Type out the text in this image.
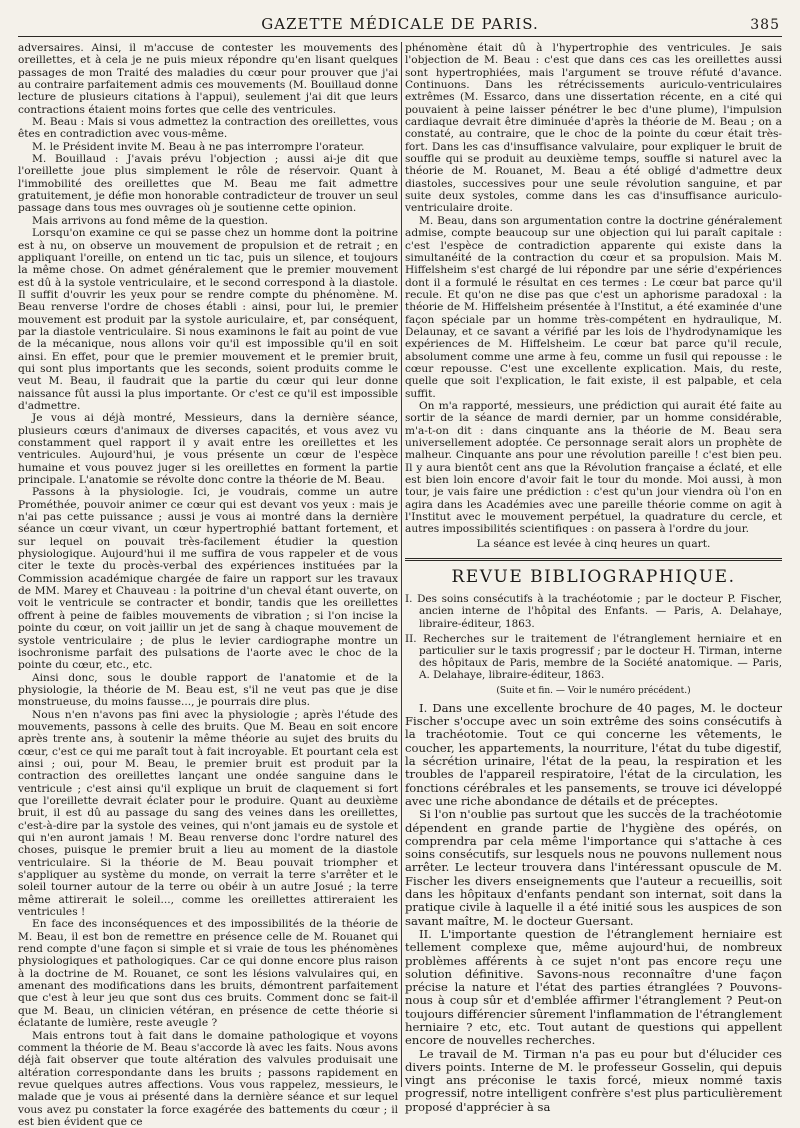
GAZETTE MÉDICALE DE PARIS.	385

adversaires. Ainsi, il m'accuse de contester les mouvements des oreillettes, et à cela je ne puis mieux répondre qu'en lisant quelques passages de mon Traité des maladies du cœur pour prouver que j'ai au contraire parfaitement admis ces mouvements (M. Bouillaud donne lecture de plusieurs citations à l'appui), seulement j'ai dit que leurs contractions étaient moins fortes que celle des ventricules.

M. Beau : Mais si vous admettez la contraction des oreillettes, vous êtes en contradiction avec vous-même.

M. le Président invite M. Beau à ne pas interrompre l'orateur.

M. Bouillaud : J'avais prévu l'objection ; aussi ai-je dit que l'oreillette joue plus simplement le rôle de réservoir. Quant à l'immobilité des oreillettes que M. Beau me fait admettre gratuitement, je défie mon honorable contradicteur de trouver un seul passage dans tous mes ouvrages où je soutienne cette opinion.

Mais arrivons au fond même de la question.

Lorsqu'on examine ce qui se passe chez un homme dont la poitrine est à nu, on observe un mouvement de propulsion et de retrait ; en appliquant l'oreille, on entend un tic tac, puis un silence, et toujours la même chose. On admet généralement que le premier mouvement est dû à la systole ventriculaire, et le second correspond à la diastole. Il suffit d'ouvrir les yeux pour se rendre compte du phénomène. M. Beau renverse l'ordre de choses établi : ainsi, pour lui, le premier mouvement est produit par la systole auriculaire, et, par conséquent, par la diastole ventriculaire. Si nous examinons le fait au point de vue de la mécanique, nous allons voir qu'il est impossible qu'il en soit ainsi. En effet, pour que le premier mouvement et le premier bruit, qui sont plus importants que les seconds, soient produits comme le veut M. Beau, il faudrait que la partie du cœur qui leur donne naissance fût aussi la plus importante. Or c'est ce qu'il est impossible d'admettre.

Je vous ai déjà montré, Messieurs, dans la dernière séance, plusieurs cœurs d'animaux de diverses capacités, et vous avez vu constamment quel rapport il y avait entre les oreillettes et les ventricules. Aujourd'hui, je vous présente un cœur de l'espèce humaine et vous pouvez juger si les oreillettes en forment la partie principale. L'anatomie se révolte donc contre la théorie de M. Beau.

Passons à la physiologie. Ici, je voudrais, comme un autre Prométhée, pouvoir animer ce cœur qui est devant vos yeux : mais je n'ai pas cette puissance ; aussi je vous ai montré dans la dernière séance un cœur vivant, un cœur hypertrophié battant fortement, et sur lequel on pouvait très-facilement étudier la question physiologique. Aujourd'hui il me suffira de vous rappeler et de vous citer le texte du procès-verbal des expériences instituées par la Commission académique chargée de faire un rapport sur les travaux de MM. Marey et Chauveau : la poitrine d'un cheval étant ouverte, on voit le ventricule se contracter et bondir, tandis que les oreillettes offrent à peine de faibles mouvements de vibration ; si l'on incise la pointe du cœur, on voit jaillir un jet de sang à chaque mouvement de systole ventriculaire ; de plus le levier cardiographe montre un isochronisme parfait des pulsations de l'aorte avec le choc de la pointe du cœur, etc., etc.

Ainsi donc, sous le double rapport de l'anatomie et de la physiologie, la théorie de M. Beau est, s'il ne veut pas que je dise monstrueuse, du moins fausse..., je pourrais dire plus.

Nous n'en n'avons pas fini avec la physiologie ; après l'étude des mouvements, passons à celle des bruits. Que M. Beau en soit encore après trente ans, à soutenir la même théorie au sujet des bruits du cœur, c'est ce qui me paraît tout à fait incroyable. Et pourtant cela est ainsi ; oui, pour M. Beau, le premier bruit est produit par la contraction des oreillettes lançant une ondée sanguine dans le ventricule ; c'est ainsi qu'il explique un bruit de claquement si fort que l'oreillette devrait éclater pour le produire. Quant au deuxième bruit, il est dû au passage du sang des veines dans les oreillettes, c'est-à-dire par la systole des veines, qui n'ont jamais eu de systole et qui n'en auront jamais ! M. Beau renverse donc l'ordre naturel des choses, puisque le premier bruit a lieu au moment de la diastole ventriculaire. Si la théorie de M. Beau pouvait triompher et s'appliquer au système du monde, on verrait la terre s'arrêter et le soleil tourner autour de la terre ou obéir à un autre Josué ; la terre même attirerait le soleil..., comme les oreillettes attireraient les ventricules !

En face des inconséquences et des impossibilités de la théorie de M. Beau, il est bon de remettre en présence celle de M. Rouanet qui rend compte d'une façon si simple et si vraie de tous les phénomènes physiologiques et pathologiques. Car ce qui donne encore plus raison à la doctrine de M. Rouanet, ce sont les lésions valvulaires qui, en amenant des modifications dans les bruits, démontrent parfaitement que c'est à leur jeu que sont dus ces bruits. Comment donc se fait-il que M. Beau, un clinicien vétéran, en présence de cette théorie si éclatante de lumière, reste aveugle ?

Mais entrons tout à fait dans le domaine pathologique et voyons comment la théorie de M. Beau s'accorde là avec les faits. Nous avons déjà fait observer que toute altération des valvules produisait une altération correspondante dans les bruits ; passons rapidement en revue quelques autres affections. Vous vous rappelez, messieurs, le malade que je vous ai présenté dans la dernière séance et sur lequel vous avez pu constater la force exagérée des battements du cœur ; il est bien évident que ce

phénomène était dû à l'hypertrophie des ventricules. Je sais l'objection de M. Beau : c'est que dans ces cas les oreillettes aussi sont hypertrophiées, mais l'argument se trouve réfuté d'avance. Continuons. Dans les rétrécissements auriculo-ventriculaires extrêmes (M. Essarco, dans une dissertation récente, en a cité qui pouvaient à peine laisser pénétrer le bec d'une plume), l'impulsion cardiaque devrait être diminuée d'après la théorie de M. Beau ; on a constaté, au contraire, que le choc de la pointe du cœur était très-fort. Dans les cas d'insuffisance valvulaire, pour expliquer le bruit de souffle qui se produit au deuxième temps, souffle si naturel avec la théorie de M. Rouanet, M. Beau a été obligé d'admettre deux diastoles, successives pour une seule révolution sanguine, et par suite deux systoles, comme dans les cas d'insuffisance auriculo-ventriculaire droite.

M. Beau, dans son argumentation contre la doctrine généralement admise, compte beaucoup sur une objection qui lui paraît capitale : c'est l'espèce de contradiction apparente qui existe dans la simultanéité de la contraction du cœur et sa propulsion. Mais M. Hiffelsheim s'est chargé de lui répondre par une série d'expériences dont il a formulé le résultat en ces termes : Le cœur bat parce qu'il recule. Et qu'on ne dise pas que c'est un aphorisme paradoxal : la théorie de M. Hiffelsheim présentée à l'Institut, a été examinée d'une façon spéciale par un homme très-compétent en hydraulique, M. Delaunay, et ce savant a vérifié par les lois de l'hydrodynamique les expériences de M. Hiffelsheim. Le cœur bat parce qu'il recule, absolument comme une arme à feu, comme un fusil qui repousse : le cœur repousse. C'est une excellente explication. Mais, du reste, quelle que soit l'explication, le fait existe, il est palpable, et cela suffit.

On m'a rapporté, messieurs, une prédiction qui aurait été faite au sortir de la séance de mardi dernier, par un homme considérable, m'a-t-on dit : dans cinquante ans la théorie de M. Beau sera universellement adoptée. Ce personnage serait alors un prophète de malheur. Cinquante ans pour une révolution pareille ! c'est bien peu. Il y aura bientôt cent ans que la Révolution française a éclaté, et elle est bien loin encore d'avoir fait le tour du monde. Moi aussi, à mon tour, je vais faire une prédiction : c'est qu'un jour viendra où l'on en agira dans les Académies avec une pareille théorie comme on agit à l'Institut avec le mouvement perpétuel, la quadrature du cercle, et autres impossibilités scientifiques : on passera à l'ordre du jour.

La séance est levée à cinq heures un quart.

REVUE BIBLIOGRAPHIQUE.

I. Des soins consécutifs à la trachéotomie ; par le docteur P. Fischer, ancien interne de l'hôpital des Enfants. — Paris, A. Delahaye, libraire-éditeur, 1863.

II. Recherches sur le traitement de l'étranglement herniaire et en particulier sur le taxis progressif ; par le docteur H. Tirman, interne des hôpitaux de Paris, membre de la Société anatomique. — Paris, A. Delahaye, libraire-éditeur, 1863.

(Suite et fin. — Voir le numéro précédent.)

I. Dans une excellente brochure de 40 pages, M. le docteur Fischer s'occupe avec un soin extrême des soins consécutifs à la trachéotomie. Tout ce qui concerne les vêtements, le coucher, les appartements, la nourriture, l'état du tube digestif, la sécrétion urinaire, l'état de la peau, la respiration et les troubles de l'appareil respiratoire, l'état de la circulation, les fonctions cérébrales et les pansements, se trouve ici développé avec une riche abondance de détails et de préceptes.

Si l'on n'oublie pas surtout que les succès de la trachéotomie dépendent en grande partie de l'hygiène des opérés, on comprendra par cela même l'importance qui s'attache à ces soins consécutifs, sur lesquels nous ne pouvons nullement nous arrêter. Le lecteur trouvera dans l'intéressant opuscule de M. Fischer les divers enseignements que l'auteur a recueillis, soit dans les hôpitaux d'enfants pendant son internat, soit dans la pratique civile à laquelle il a été initié sous les auspices de son savant maître, M. le docteur Guersant.

II. L'importante question de l'étranglement herniaire est tellement complexe que, même aujourd'hui, de nombreux problèmes afférents à ce sujet n'ont pas encore reçu une solution définitive. Savons-nous reconnaître d'une façon précise la nature et l'état des parties étranglées ? Pouvons-nous à coup sûr et d'emblée affirmer l'étranglement ? Peut-on toujours différencier sûrement l'inflammation de l'étranglement herniaire ? etc, etc. Tout autant de questions qui appellent encore de nouvelles recherches.

Le travail de M. Tirman n'a pas eu pour but d'élucider ces divers points. Interne de M. le professeur Gosselin, qui depuis vingt ans préconise le taxis forcé, mieux nommé taxis progressif, notre intelligent confrère s'est plus particulièrement proposé d'apprécier à sa
